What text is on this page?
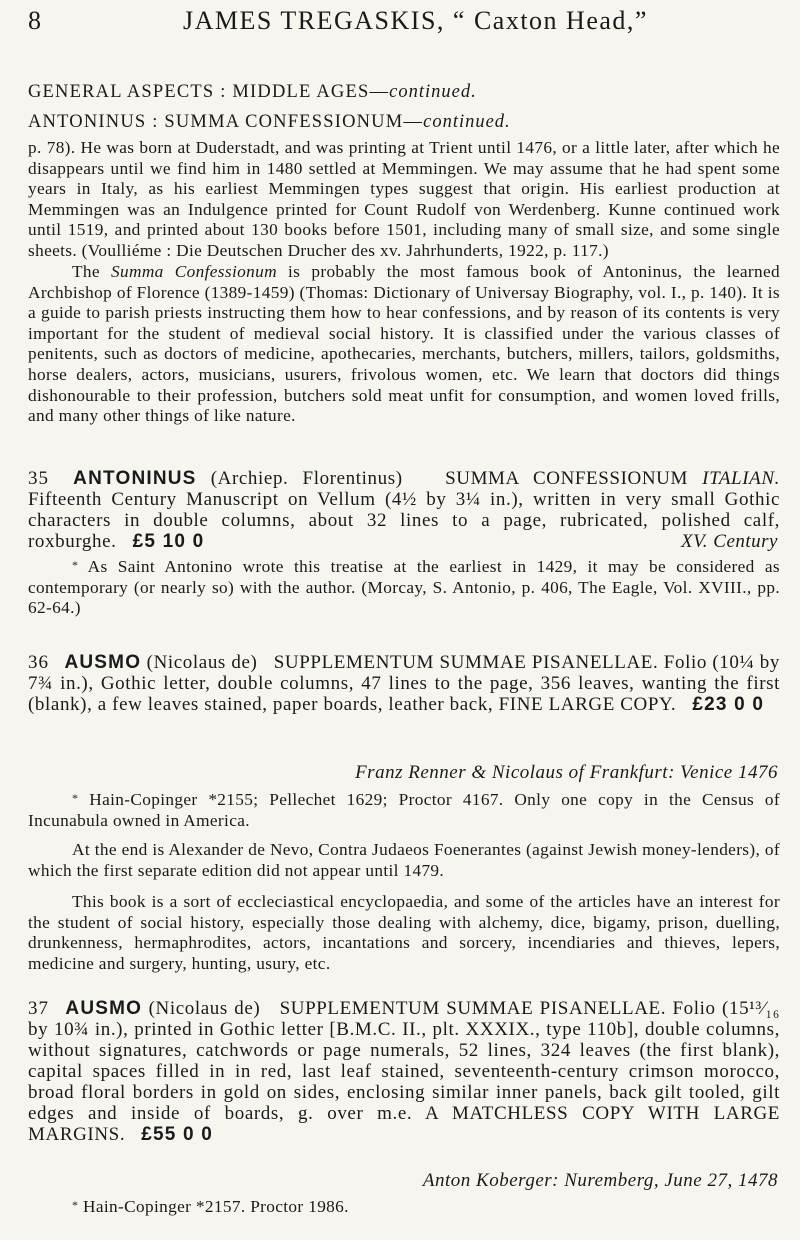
8	JAMES TREGASKIS, “ Caxton Head,”
GENERAL ASPECTS : MIDDLE AGES—continued.
ANTONINUS : SUMMA CONFESSIONUM—continued.
p. 78). He was born at Duderstadt, and was printing at Trient until 1476, or a little later, after which he disappears until we find him in 1480 settled at Memmingen. We may assume that he had spent some years in Italy, as his earliest Memmingen types suggest that origin. His earliest production at Memmingen was an Indulgence printed for Count Rudolf von Werdenberg. Kunne continued work until 1519, and printed about 130 books before 1501, including many of small size, and some single sheets. (Voulliéme : Die Deutschen Drucher des xv. Jahrhunderts, 1922, p. 117.)
The Summa Confessionum is probably the most famous book of Antoninus, the learned Archbishop of Florence (1389-1459) (Thomas: Dictionary of Universay Biography, vol. I., p. 140). It is a guide to parish priests instructing them how to hear confessions, and by reason of its contents is very important for the student of medieval social history. It is classified under the various classes of penitents, such as doctors of medicine, apothecaries, merchants, butchers, millers, tailors, goldsmiths, horse dealers, actors, musicians, usurers, frivolous women, etc. We learn that doctors did things dishonourable to their profession, butchers sold meat unfit for consumption, and women loved frills, and many other things of like nature.
35 ANTONINUS (Archiep. Florentinus) SUMMA CONFESSIONUM ITALIAN. Fifteenth Century Manuscript on Vellum (4½ by 3¼ in.), written in very small Gothic characters in double columns, about 32 lines to a page, rubricated, polished calf, roxburghe. £5 10 0	XV. Century
* As Saint Antonino wrote this treatise at the earliest in 1429, it may be considered as contemporary (or nearly so) with the author. (Morcay, S. Antonio, p. 406, The Eagle, Vol. XVIII., pp. 62-64.)
36 AUSMO (Nicolaus de) SUPPLEMENTUM SUMMAE PISANELLAE. Folio (10¼ by 7¾ in.), Gothic letter, double columns, 47 lines to the page, 356 leaves, wanting the first (blank), a few leaves stained, paper boards, leather back, FINE LARGE COPY. £23 0 0
Franz Renner & Nicolaus of Frankfurt: Venice 1476
* Hain-Copinger *2155; Pellechet 1629; Proctor 4167. Only one copy in the Census of Incunabula owned in America.
At the end is Alexander de Nevo, Contra Judaeos Foenerantes (against Jewish money-lenders), of which the first separate edition did not appear until 1479.
This book is a sort of eccleciastical encyclopaedia, and some of the articles have an interest for the student of social history, especially those dealing with alchemy, dice, bigamy, prison, duelling, drunkenness, hermaphrodites, actors, incantations and sorcery, incendiaries and thieves, lepers, medicine and surgery, hunting, usury, etc.
37 AUSMO (Nicolaus de) SUPPLEMENTUM SUMMAE PISANELLAE. Folio (15¹³⁄₁₆ by 10¾ in.), printed in Gothic letter [B.M.C. II., plt. XXXIX., type 110b], double columns, without signatures, catchwords or page numerals, 52 lines, 324 leaves (the first blank), capital spaces filled in in red, last leaf stained, seventeenth-century crimson morocco, broad floral borders in gold on sides, enclosing similar inner panels, back gilt tooled, gilt edges and inside of boards, g. over m.e. A MATCHLESS COPY WITH LARGE MARGINS. £55 0 0
Anton Koberger: Nuremberg, June 27, 1478
* Hain-Copinger *2157. Proctor 1986.
